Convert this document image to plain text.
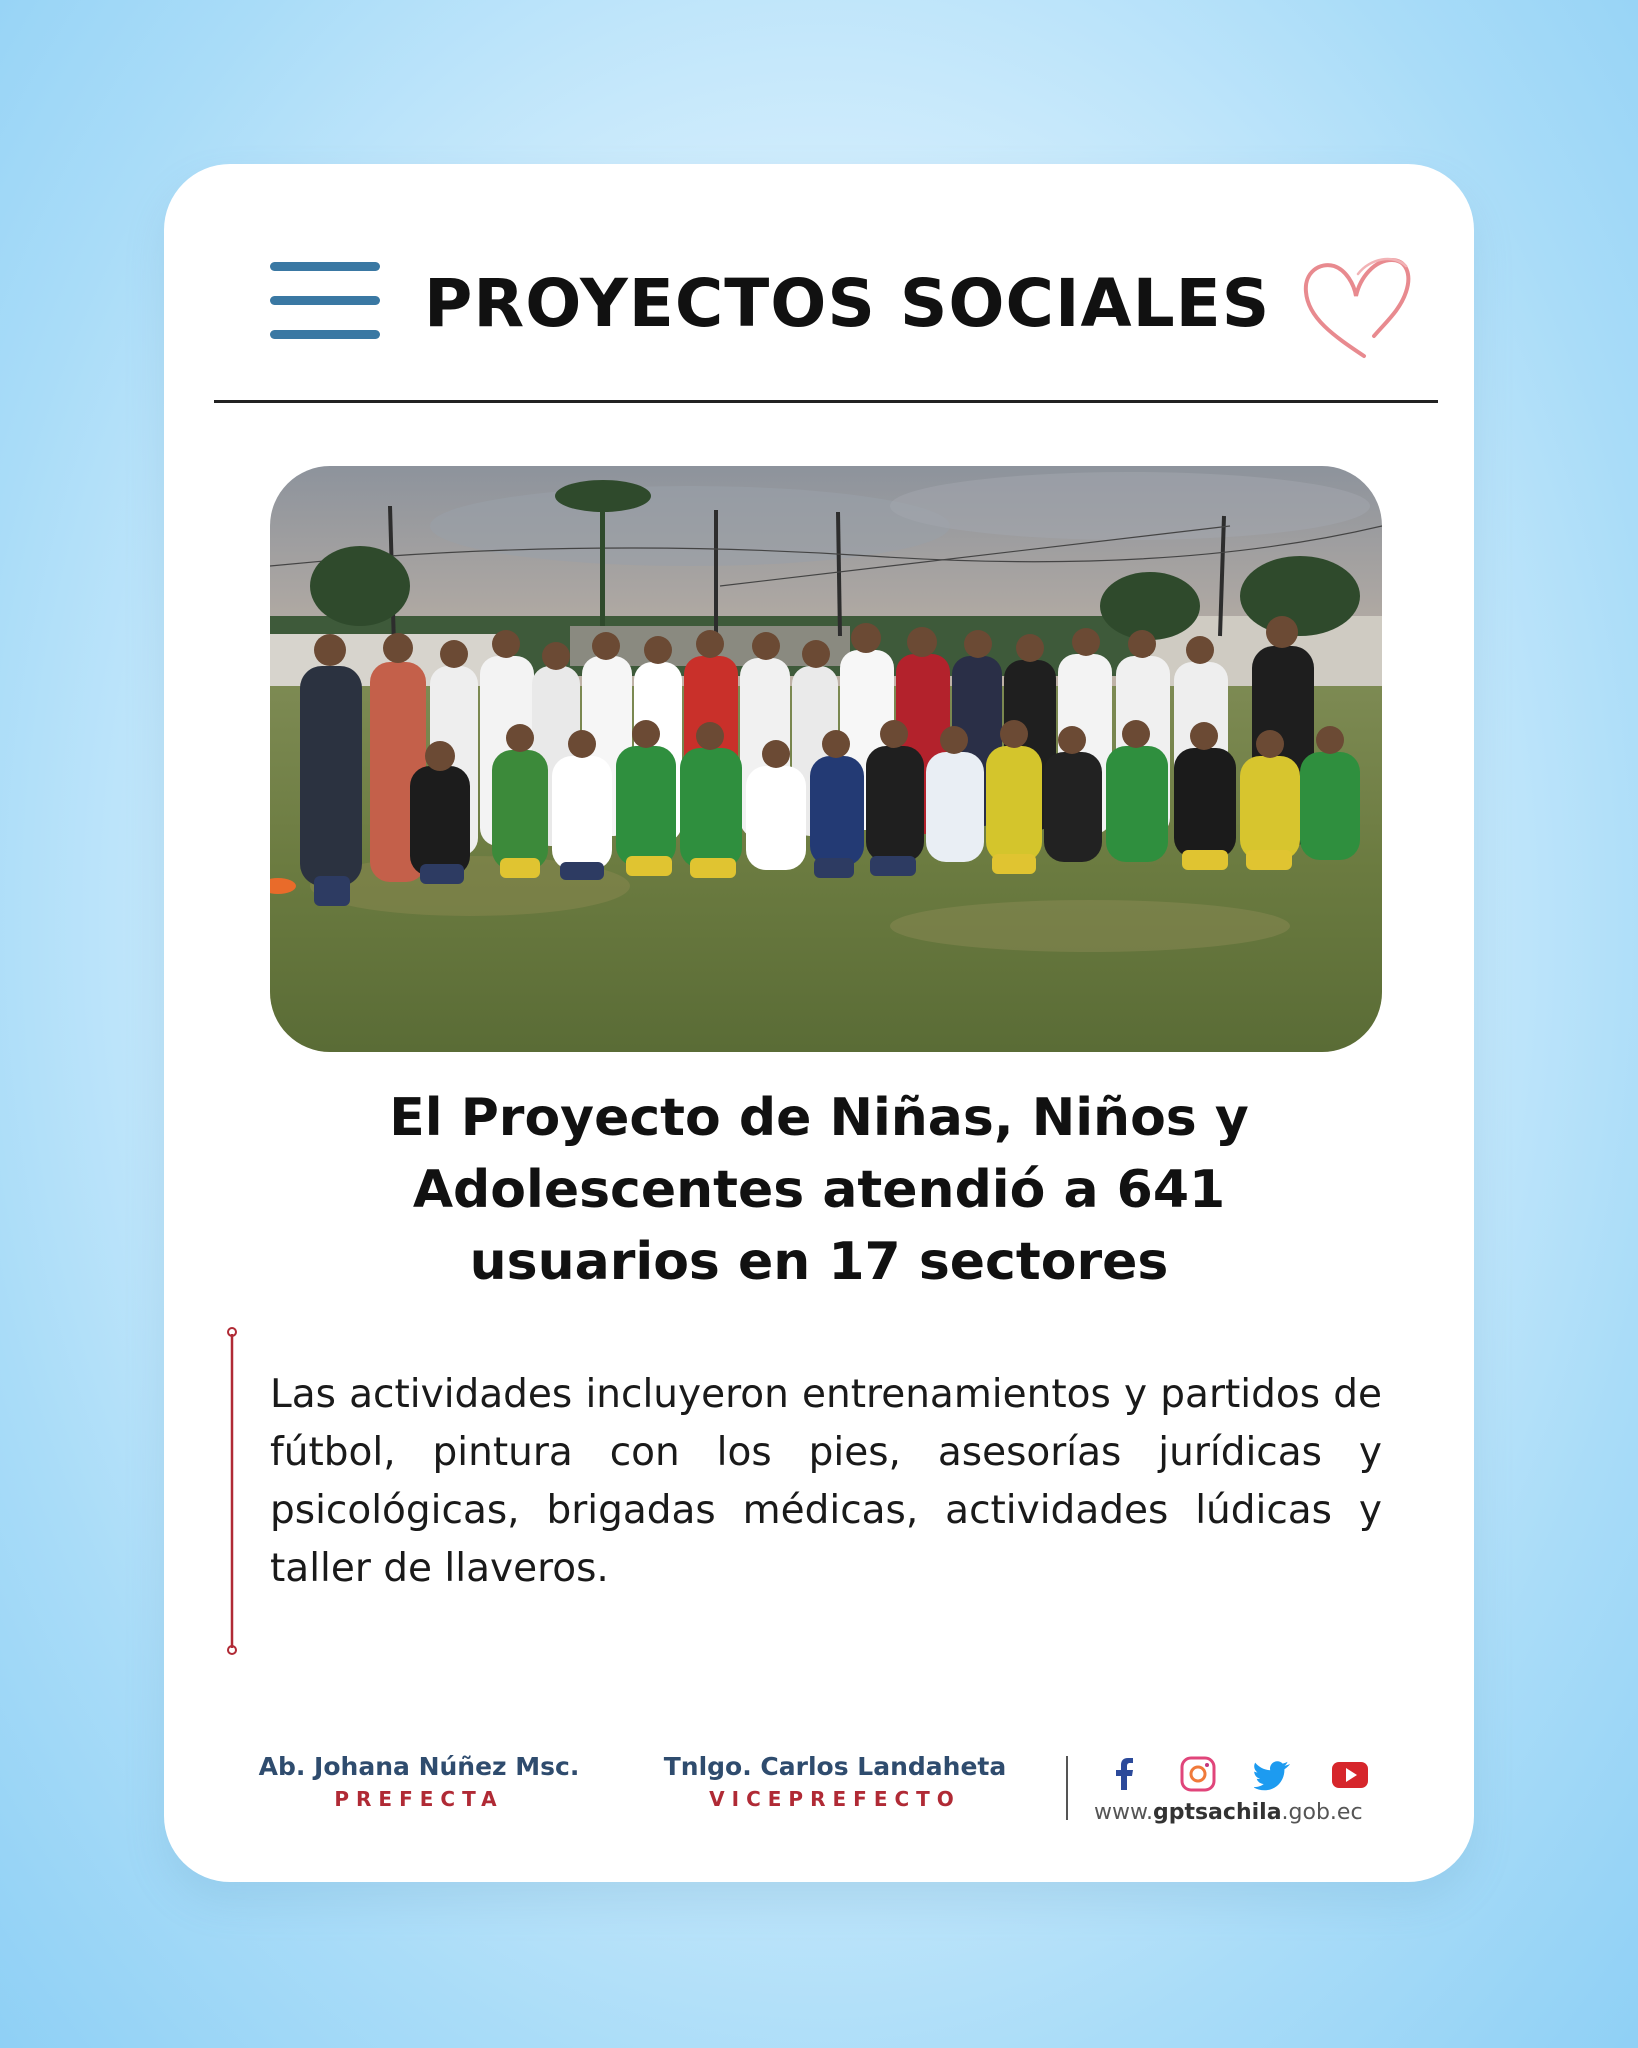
PROYECTOS SOCIALES
El Proyecto de Niñas, Niños y
Adolescentes atendió a 641
usuarios en 17 sectores
Las actividades incluyeron entrenamientos y partidos de fútbol, pintura con los pies, asesorías jurídicas y psicológicas, brigadas médicas, actividades lúdicas y taller de llaveros.
Ab. Johana Núñez Msc.
PREFECTA
Tnlgo. Carlos Landaheta
VICEPREFECTO
www.gptsachila.gob.ec
